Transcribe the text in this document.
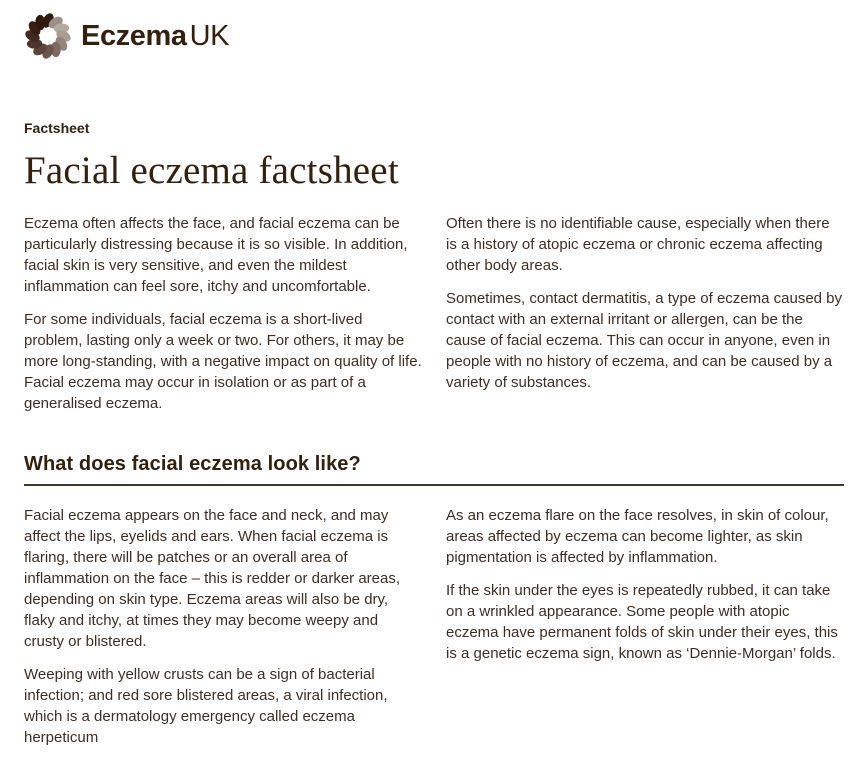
Eczema UK
Factsheet
Facial eczema factsheet

Eczema often affects the face, and facial eczema can be particularly distressing because it is so visible. In addition, facial skin is very sensitive, and even the mildest inflammation can feel sore, itchy and uncomfortable.

For some individuals, facial eczema is a short-lived problem, lasting only a week or two. For others, it may be more long-standing, with a negative impact on quality of life. Facial eczema may occur in isolation or as part of a generalised eczema.

Often there is no identifiable cause, especially when there is a history of atopic eczema or chronic eczema affecting other body areas.

Sometimes, contact dermatitis, a type of eczema caused by contact with an external irritant or allergen, can be the cause of facial eczema. This can occur in anyone, even in people with no history of eczema, and can be caused by a variety of substances.

What does facial eczema look like?

Facial eczema appears on the face and neck, and may affect the lips, eyelids and ears. When facial eczema is flaring, there will be patches or an overall area of inflammation on the face – this is redder or darker areas, depending on skin type. Eczema areas will also be dry, flaky and itchy, at times they may become weepy and crusty or blistered.

Weeping with yellow crusts can be a sign of bacterial infection; and red sore blistered areas, a viral infection, which is a dermatology emergency called eczema herpeticum

As an eczema flare on the face resolves, in skin of colour, areas affected by eczema can become lighter, as skin pigmentation is affected by inflammation.

If the skin under the eyes is repeatedly rubbed, it can take on a wrinkled appearance. Some people with atopic eczema have permanent folds of skin under their eyes, this is a genetic eczema sign, known as ‘Dennie-Morgan’ folds.
